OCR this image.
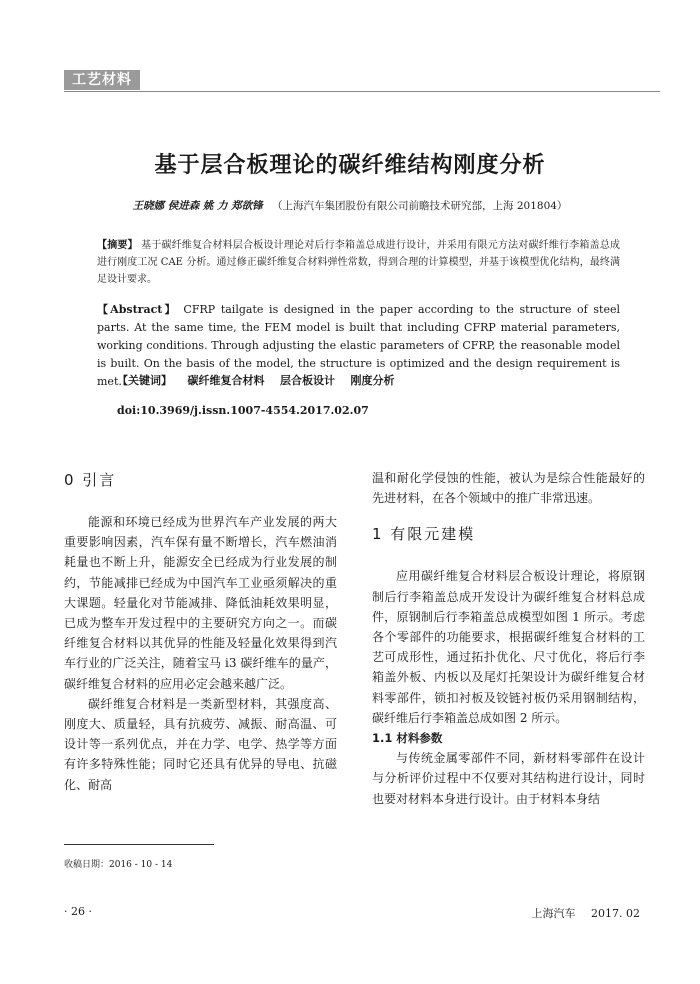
工艺材料
基于层合板理论的碳纤维结构刚度分析
王晓娜 侯进森 姚 力 郑欲锋 （上海汽车集团股份有限公司前瞻技术研究部，上海 201804）
【摘要】 基于碳纤维复合材料层合板设计理论对后行李箱盖总成进行设计，并采用有限元方法对碳纤维行李箱盖总成进行刚度工况 CAE 分析。通过修正碳纤维复合材料弹性常数，得到合理的计算模型，并基于该模型优化结构，最终满足设计要求。
【Abstract】 CFRP tailgate is designed in the paper according to the structure of steel parts. At the same time, the FEM model is built that including CFRP material parameters, working conditions. Through adjusting the elastic parameters of CFRP, the reasonable model is built. On the basis of the model, the structure is optimized and the design requirement is met.
【关键词】 碳纤维复合材料 层合板设计 刚度分析
doi:10.3969/j.issn.1007-4554.2017.02.07
0 引言

能源和环境已经成为世界汽车产业发展的两大重要影响因素，汽车保有量不断增长，汽车燃油消耗量也不断上升，能源安全已经成为行业发展的制约，节能减排已经成为中国汽车工业亟须解决的重大课题。轻量化对节能减排、降低油耗效果明显，已成为整车开发过程中的主要研究方向之一。而碳纤维复合材料以其优异的性能及轻量化效果得到汽车行业的广泛关注，随着宝马 i3 碳纤维车的量产，碳纤维复合材料的应用必定会越来越广泛。

碳纤维复合材料是一类新型材料，其强度高、刚度大、质量轻，具有抗疲劳、减振、耐高温、可设计等一系列优点，并在力学、电学、热学等方面有许多特殊性能；同时它还具有优异的导电、抗磁化、耐高

温和耐化学侵蚀的性能，被认为是综合性能最好的先进材料，在各个领域中的推广非常迅速。

1 有限元建模

应用碳纤维复合材料层合板设计理论，将原钢制后行李箱盖总成开发设计为碳纤维复合材料总成件，原钢制后行李箱盖总成模型如图 1 所示。考虑各个零部件的功能要求，根据碳纤维复合材料的工艺可成形性，通过拓扑优化、尺寸优化，将后行李箱盖外板、内板以及尾灯托架设计为碳纤维复合材料零部件，锁扣衬板及铰链衬板仍采用钢制结构，碳纤维后行李箱盖总成如图 2 所示。

1.1 材料参数

与传统金属零部件不同，新材料零部件在设计与分析评价过程中不仅要对其结构进行设计，同时也要对材料本身进行设计。由于材料本身结

收稿日期：2016 - 10 - 14
· 26 ·	上海汽车 2017. 02
